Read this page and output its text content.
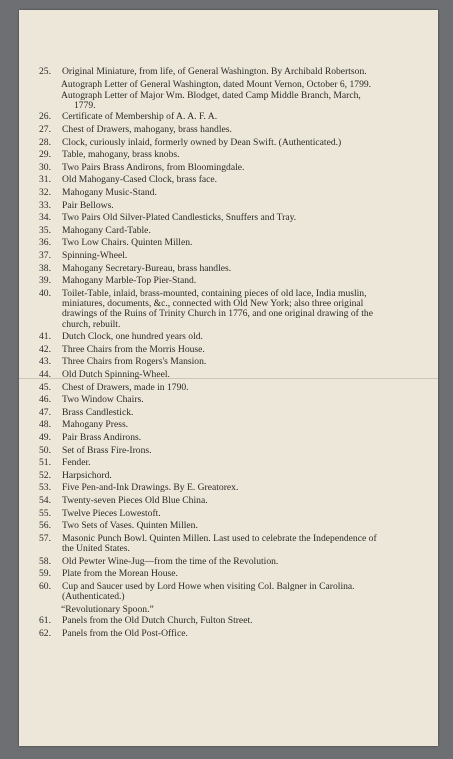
25. Original Miniature, from life, of General Washington. By Archibald Robertson.
Autograph Letter of General Washington, dated Mount Vernon, October 6, 1799.
Autograph Letter of Major Wm. Blodget, dated Camp Middle Branch, March, 1779.
26. Certificate of Membership of A. A. F. A.
27. Chest of Drawers, mahogany, brass handles.
28. Clock, curiously inlaid, formerly owned by Dean Swift. (Authenticated.)
29. Table, mahogany, brass knobs.
30. Two Pairs Brass Andirons, from Bloomingdale.
31. Old Mahogany-Cased Clock, brass face.
32. Mahogany Music-Stand.
33. Pair Bellows.
34. Two Pairs Old Silver-Plated Candlesticks, Snuffers and Tray.
35. Mahogany Card-Table.
36. Two Low Chairs. Quinten Millen.
37. Spinning-Wheel.
38. Mahogany Secretary-Bureau, brass handles.
39. Mahogany Marble-Top Pier-Stand.
40. Toilet-Table, inlaid, brass-mounted, containing pieces of old lace, India muslin, miniatures, documents, &c., connected with Old New York; also three original drawings of the Ruins of Trinity Church in 1776, and one original drawing of the church, rebuilt.
41. Dutch Clock, one hundred years old.
42. Three Chairs from the Morris House.
43. Three Chairs from Rogers's Mansion.
44. Old Dutch Spinning-Wheel.
45. Chest of Drawers, made in 1790.
46. Two Window Chairs.
47. Brass Candlestick.
48. Mahogany Press.
49. Pair Brass Andirons.
50. Set of Brass Fire-Irons.
51. Fender.
52. Harpsichord.
53. Five Pen-and-Ink Drawings. By E. Greatorex.
54. Twenty-seven Pieces Old Blue China.
55. Twelve Pieces Lowestoft.
56. Two Sets of Vases. Quinten Millen.
57. Masonic Punch Bowl. Quinten Millen. Last used to celebrate the Independence of the United States.
58. Old Pewter Wine-Jug—from the time of the Revolution.
59. Plate from the Morean House.
60. Cup and Saucer used by Lord Howe when visiting Col. Balgner in Carolina. (Authenticated.)
“Revolutionary Spoon.”
61. Panels from the Old Dutch Church, Fulton Street.
62. Panels from the Old Post-Office.
